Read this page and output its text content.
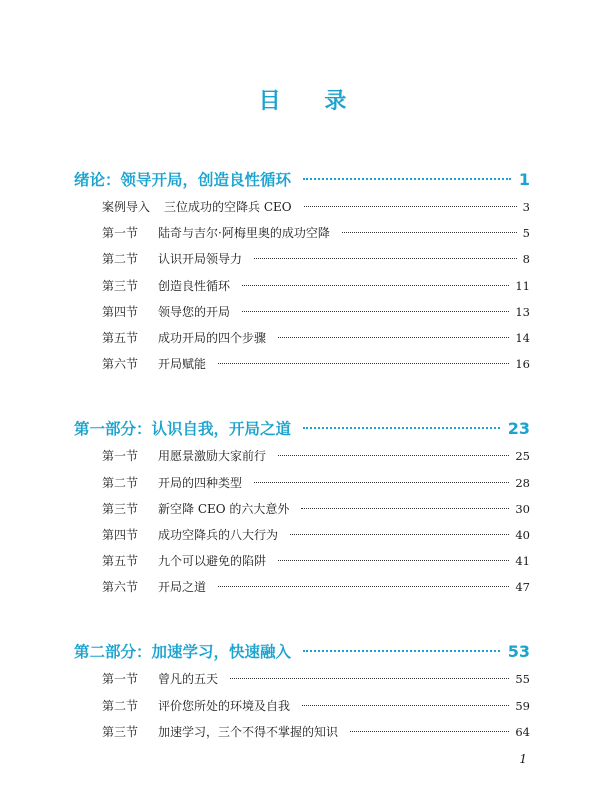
目 录
绪论：领导开局，创造良性循环	1
案例导入 三位成功的空降兵 CEO	3
第一节	陆奇与吉尔·阿梅里奥的成功空降	5
第二节	认识开局领导力	8
第三节	创造良性循环	11
第四节	领导您的开局	13
第五节	成功开局的四个步骤	14
第六节	开局赋能	16
第一部分：认识自我，开局之道	23
第一节	用愿景激励大家前行	25
第二节	开局的四种类型	28
第三节	新空降 CEO 的六大意外	30
第四节	成功空降兵的八大行为	40
第五节	九个可以避免的陷阱	41
第六节	开局之道	47
第二部分：加速学习，快速融入	53
第一节	曾凡的五天	55
第二节	评价您所处的环境及自我	59
第三节	加速学习，三个不得不掌握的知识	64
1
